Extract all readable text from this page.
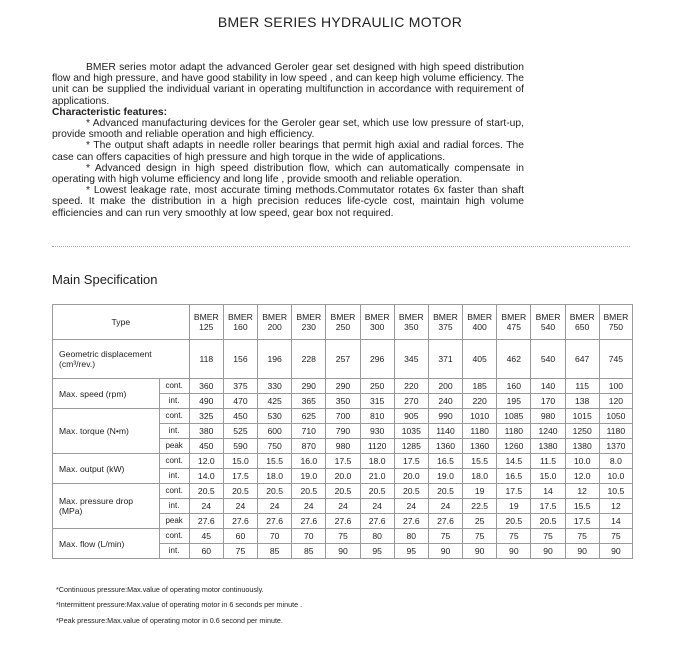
BMER SERIES HYDRAULIC MOTOR

BMER series motor adapt the advanced Geroler gear set designed with high speed distribution flow and high pressure, and have good stability in low speed , and can keep high volume efficiency. The unit can be supplied the individual variant in operating multifunction in accordance with requirement of applications.

Characteristic features:

* Advanced manufacturing devices for the Geroler gear set, which use low pressure of start-up, provide smooth and reliable operation and high efficiency.

* The output shaft adapts in needle roller bearings that permit high axial and radial forces. The case can offers capacities of high pressure and high torque in the wide of applications.

* Advanced design in high speed distribution flow, which can automatically compensate in operating with high volume efficiency and long life , provide smooth and reliable operation.

* Lowest leakage rate, most accurate timing methods.Commutator rotates 6x faster than shaft speed. It make the distribution in a high precision reduces life-cycle cost, maintain high volume efficiencies and can run very smoothly at low speed, gear box not required.

Main Specification
Type		BMER 125	BMER 160	BMER 200	BMER 230	BMER 250	BMER 300	BMER 350	BMER 375	BMER 400	BMER 475	BMER 540	BMER 650	BMER 750
Geometric displacement (cm³/rev.)		118	156	196	228	257	296	345	371	405	462	540	647	745
Max. speed (rpm)	cont.	360	375	330	290	290	250	220	200	185	160	140	115	100
	int.	490	470	425	365	350	315	270	240	220	195	170	138	120
Max. torque (N•m)	cont.	325	450	530	625	700	810	905	990	1010	1085	980	1015	1050
	int.	380	525	600	710	790	930	1035	1140	1180	1180	1240	1250	1180
	peak	450	590	750	870	980	1120	1285	1360	1360	1260	1380	1380	1370
Max. output (kW)	cont.	12.0	15.0	15.5	16.0	17.5	18.0	17.5	16.5	15.5	14.5	11.5	10.0	8.0
	int.	14.0	17.5	18.0	19.0	20.0	21.0	20.0	19.0	18.0	16.5	15.0	12.0	10.0
Max. pressure drop (MPa)	cont.	20.5	20.5	20.5	20.5	20.5	20.5	20.5	20.5	19	17.5	14	12	10.5
	int.	24	24	24	24	24	24	24	24	22.5	19	17.5	15.5	12
	peak	27.6	27.6	27.6	27.6	27.6	27.6	27.6	27.6	25	20.5	20.5	17.5	14
Max. flow (L/min)	cont.	45	60	70	70	75	80	80	75	75	75	75	75	75
	int.	60	75	85	85	90	95	95	90	90	90	90	90	90
*Continuous pressure:Max.value of operating motor continuously.
*Intermittent pressure:Max.value of operating motor in 6 seconds per minute .
*Peak pressure:Max.value of operating motor in 0.6 second per minute.
